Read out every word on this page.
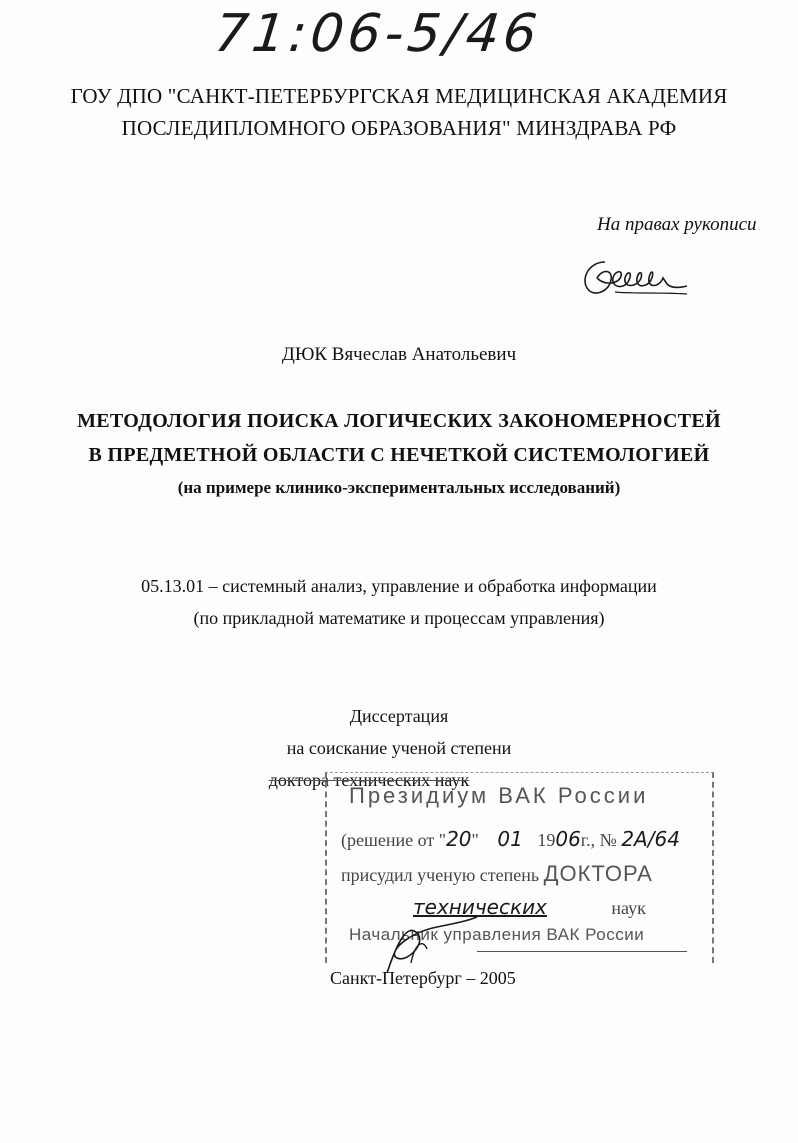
71:06-5/46
ГОУ ДПО "САНКТ-ПЕТЕРБУРГСКАЯ МЕДИЦИНСКАЯ АКАДЕМИЯ
ПОСЛЕДИПЛОМНОГО ОБРАЗОВАНИЯ" МИНЗДРАВА РФ
На правах рукописи
ДЮК Вячеслав Анатольевич
МЕТОДОЛОГИЯ ПОИСКА ЛОГИЧЕСКИХ ЗАКОНОМЕРНОСТЕЙ
В ПРЕДМЕТНОЙ ОБЛАСТИ С НЕЧЕТКОЙ СИСТЕМОЛОГИЕЙ
(на примере клинико-экспериментальных исследований)
05.13.01 – системный анализ, управление и обработка информации
(по прикладной математике и процессам управления)
Диссертация
на соискание ученой степени
доктора технических наук
Президиум ВАК России
(решение от "20" 01 1906г., № 2А/64
присудил ученую степень ДОКТОРА
технических	наук
Начальник управления ВАК России
Санкт-Петербург – 2005
